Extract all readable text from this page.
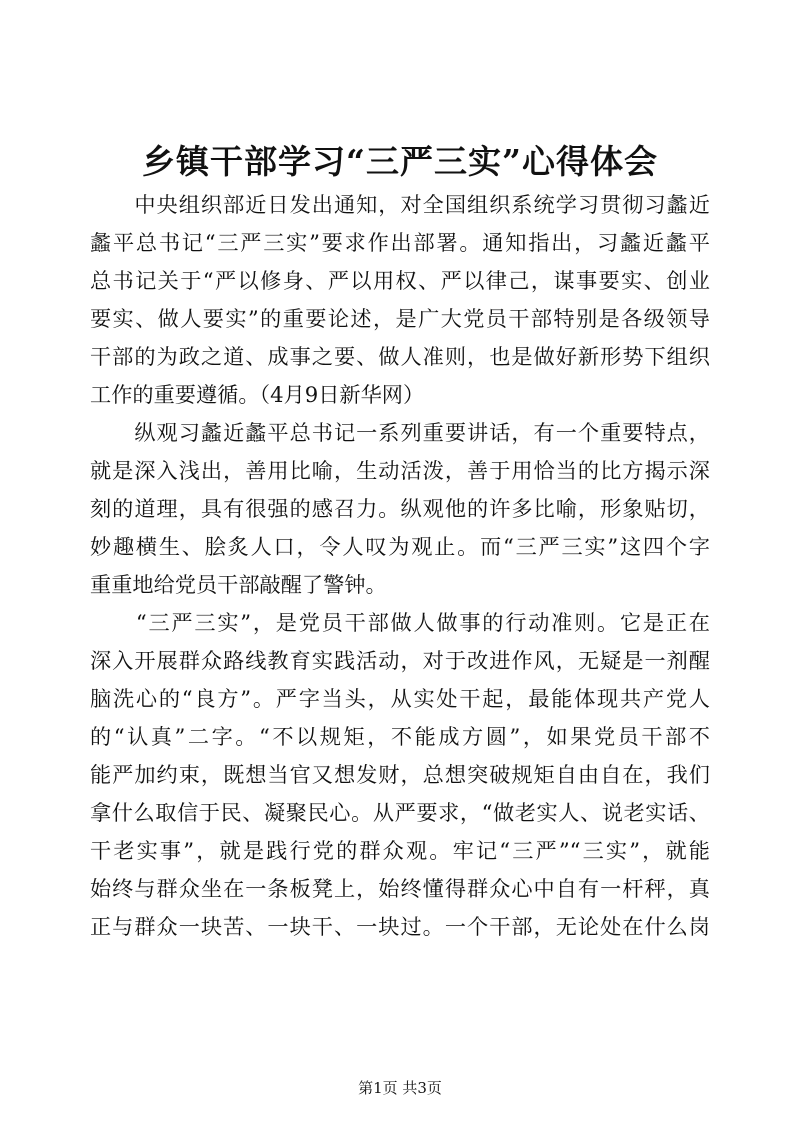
乡镇干部学习“三严三实”心得体会
　　中央组织部近日发出通知，对全国组织系统学习贯彻习蠡近
蠡平总书记“三严三实”要求作出部署。通知指出，习蠡近蠡平
总书记关于“严以修身、严以用权、严以律己，谋事要实、创业
要实、做人要实”的重要论述，是广大党员干部特别是各级领导
干部的为政之道、成事之要、做人准则，也是做好新形势下组织
工作的重要遵循。（4月9日新华网）
　　纵观习蠡近蠡平总书记一系列重要讲话，有一个重要特点，
就是深入浅出，善用比喻，生动活泼，善于用恰当的比方揭示深
刻的道理，具有很强的感召力。纵观他的许多比喻，形象贴切，
妙趣横生、脍炙人口，令人叹为观止。而“三严三实”这四个字
重重地给党员干部敲醒了警钟。
　　“三严三实”，是党员干部做人做事的行动准则。它是正在
深入开展群众路线教育实践活动，对于改进作风，无疑是一剂醒
脑洗心的“良方”。严字当头，从实处干起，最能体现共产党人
的“认真”二字。“不以规矩，不能成方圆”，如果党员干部不
能严加约束，既想当官又想发财，总想突破规矩自由自在，我们
拿什么取信于民、凝聚民心。从严要求，“做老实人、说老实话、
干老实事”，就是践行党的群众观。牢记“三严”“三实”，就能
始终与群众坐在一条板凳上，始终懂得群众心中自有一杆秤，真
正与群众一块苦、一块干、一块过。一个干部，无论处在什么岗
第1页 共3页
